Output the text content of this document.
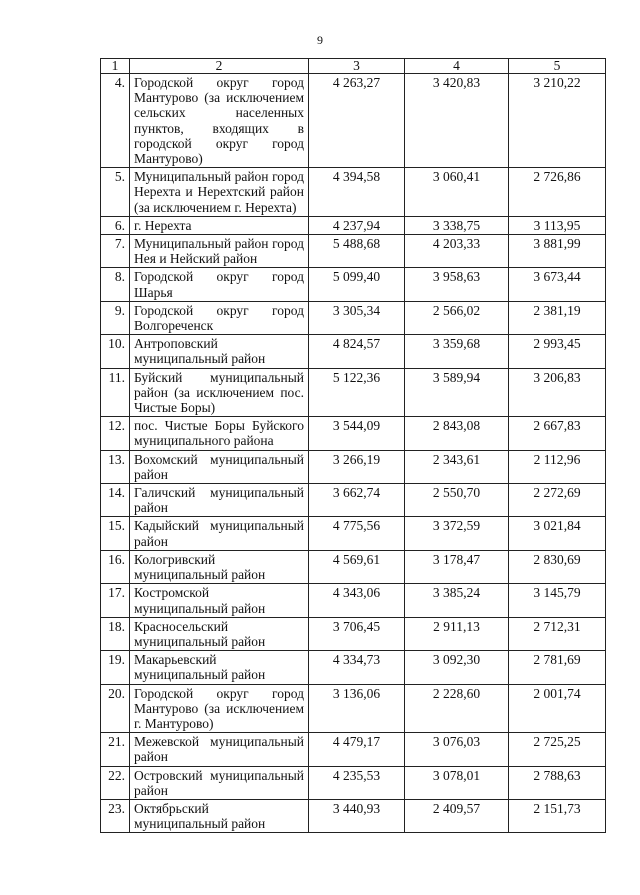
9
1	2	3	4	5
4.	Городской округ город Мантурово (за исключением сельских населенных пунктов, входящих в городской округ город Мантурово)	4 263,27	3 420,83	3 210,22
5.	Муниципальный район город Нерехта и Нерехтский район (за исключением г. Нерехта)	4 394,58	3 060,41	2 726,86
6.	г. Нерехта	4 237,94	3 338,75	3 113,95
7.	Муниципальный район город Нея и Нейский район	5 488,68	4 203,33	3 881,99
8.	Городской округ город Шарья	5 099,40	3 958,63	3 673,44
9.	Городской округ город Волгореченск	3 305,34	2 566,02	2 381,19
10.	Антроповский муниципальный район	4 824,57	3 359,68	2 993,45
11.	Буйский муниципальный район (за исключением пос. Чистые Боры)	5 122,36	3 589,94	3 206,83
12.	пос. Чистые Боры Буйского муниципального района	3 544,09	2 843,08	2 667,83
13.	Вохомский муниципальный район	3 266,19	2 343,61	2 112,96
14.	Галичский муниципальный район	3 662,74	2 550,70	2 272,69
15.	Кадыйский муниципальный район	4 775,56	3 372,59	3 021,84
16.	Кологривский муниципальный район	4 569,61	3 178,47	2 830,69
17.	Костромской муниципальный район	4 343,06	3 385,24	3 145,79
18.	Красносельский муниципальный район	3 706,45	2 911,13	2 712,31
19.	Макарьевский муниципальный район	4 334,73	3 092,30	2 781,69
20.	Городской округ город Мантурово (за исключением г. Мантурово)	3 136,06	2 228,60	2 001,74
21.	Межевской муниципальный район	4 479,17	3 076,03	2 725,25
22.	Островский муниципальный район	4 235,53	3 078,01	2 788,63
23.	Октябрьский муниципальный район	3 440,93	2 409,57	2 151,73
